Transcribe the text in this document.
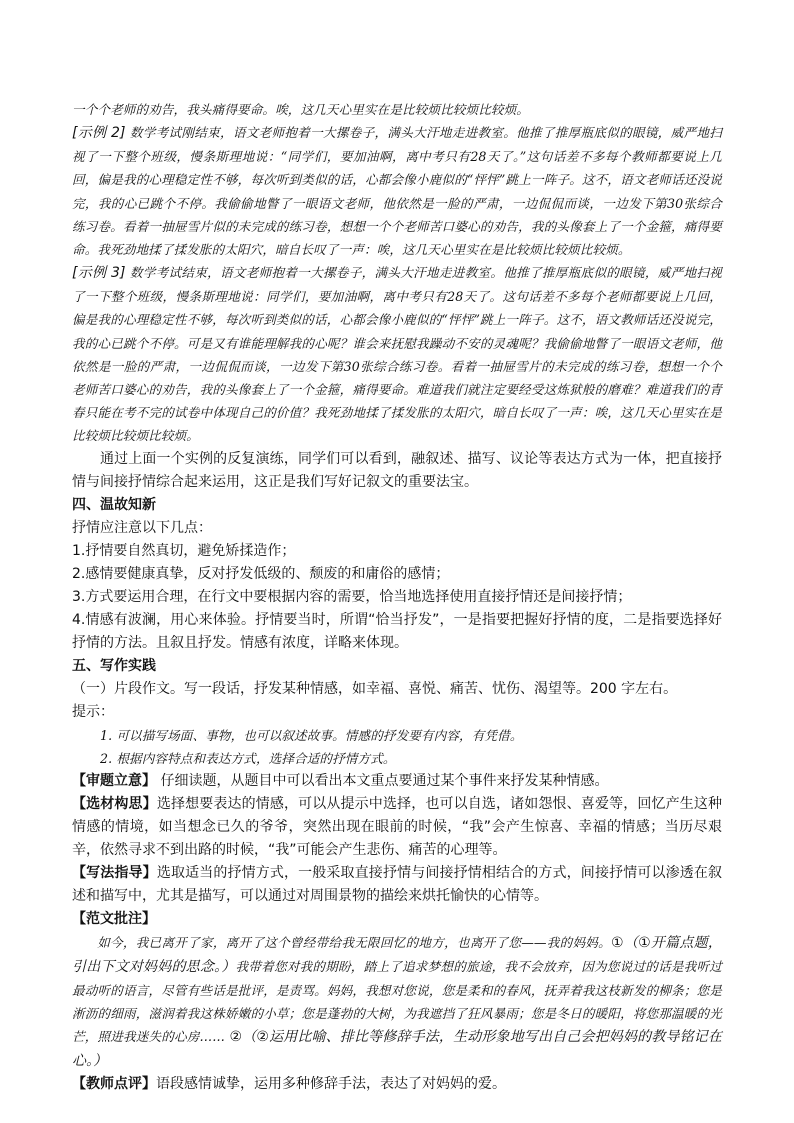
一个个老师的劝告，我头痛得要命。唉，这几天心里实在是比较烦比较烦比较烦。

[示例 2] 数学考试刚结束，语文老师抱着一大摞卷子，满头大汗地走进教室。他推了推厚瓶底似的眼镜，威严地扫视了一下整个班级，慢条斯理地说：“同学们，要加油啊，离中考只有28天了。”这句话差不多每个教师都要说上几回，偏是我的心理稳定性不够，每次听到类似的话，心都会像小鹿似的“怦怦”跳上一阵子。这不，语文老师话还没说完，我的心已跳个不停。我偷偷地瞥了一眼语文老师，他依然是一脸的严肃，一边侃侃而谈，一边发下第30张综合练习卷。看着一抽屉雪片似的未完成的练习卷，想想一个个老师苦口婆心的劝告，我的头像套上了一个金箍，痛得要命。我死劲地揉了揉发胀的太阳穴，暗自长叹了一声：唉，这几天心里实在是比较烦比较烦比较烦。

[示例 3] 数学考试结束，语文老师抱着一大摞卷子，满头大汗地走进教室。他推了推厚瓶底似的眼镜，威严地扫视了一下整个班级，慢条斯理地说：同学们，要加油啊，离中考只有28天了。这句话差不多每个老师都要说上几回，偏是我的心理稳定性不够，每次听到类似的话，心都会像小鹿似的“怦怦”跳上一阵子。这不，语文教师话还没说完，我的心已跳个不停。可是又有谁能理解我的心呢？谁会来抚慰我躁动不安的灵魂呢？我偷偷地瞥了一眼语文老师，他依然是一脸的严肃，一边侃侃而谈，一边发下第30张综合练习卷。看着一抽屉雪片的未完成的练习卷，想想一个个老师苦口婆心的劝告，我的头像套上了一个金箍，痛得要命。难道我们就注定要经受这炼狱般的磨难？难道我们的青春只能在考不完的试卷中体现自己的价值？我死劲地揉了揉发胀的太阳穴，暗自长叹了一声：唉，这几天心里实在是比较烦比较烦比较烦。

通过上面一个实例的反复演练，同学们可以看到，融叙述、描写、议论等表达方式为一体，把直接抒情与间接抒情综合起来运用，这正是我们写好记叙文的重要法宝。

四、温故知新

抒情应注意以下几点：

1.抒情要自然真切，避免矫揉造作；

2.感情要健康真挚，反对抒发低级的、颓废的和庸俗的感情；

3.方式要运用合理，在行文中要根据内容的需要，恰当地选择使用直接抒情还是间接抒情；

4.情感有波澜，用心来体验。抒情要当时，所谓“恰当抒发”，一是指要把握好抒情的度，二是指要选择好抒情的方法。且叙且抒发。情感有浓度，详略来体现。

五、写作实践

（一）片段作文。写一段话，抒发某种情感，如幸福、喜悦、痛苦、忧伤、渴望等。200 字左右。

提示：

1. 可以描写场面、事物，也可以叙述故事。情感的抒发要有内容，有凭借。

2. 根据内容特点和表达方式，选择合适的抒情方式。

【审题立意】 仔细读题，从题目中可以看出本文重点要通过某个事件来抒发某种情感。

【选材构思】选择想要表达的情感，可以从提示中选择，也可以自选，诸如怨恨、喜爱等，回忆产生这种情感的情境，如当想念已久的爷爷，突然出现在眼前的时候，“我”会产生惊喜、幸福的情感；当历尽艰辛，依然寻求不到出路的时候，“我”可能会产生悲伤、痛苦的心理等。

【写法指导】选取适当的抒情方式，一般采取直接抒情与间接抒情相结合的方式，间接抒情可以渗透在叙述和描写中，尤其是描写，可以通过对周围景物的描绘来烘托愉快的心情等。

【范文批注】

如今，我已离开了家，离开了这个曾经带给我无限回忆的地方，也离开了您——我的妈妈。①（①开篇点题，引出下文对妈妈的思念。）我带着您对我的期盼，踏上了追求梦想的旅途，我不会放弃，因为您说过的话是我听过最动听的语言，尽管有些话是批评，是责骂。妈妈，我想对您说，您是柔和的春风，抚弄着我这枝新发的柳条；您是淅沥的细雨，滋润着我这株娇嫩的小草；您是蓬勃的大树，为我遮挡了狂风暴雨；您是冬日的暖阳，将您那温暖的光芒，照进我迷失的心房…… ②（②运用比喻、排比等修辞手法，生动形象地写出自己会把妈妈的教导铭记在心。）

【教师点评】语段感情诚挚，运用多种修辞手法，表达了对妈妈的爱。
